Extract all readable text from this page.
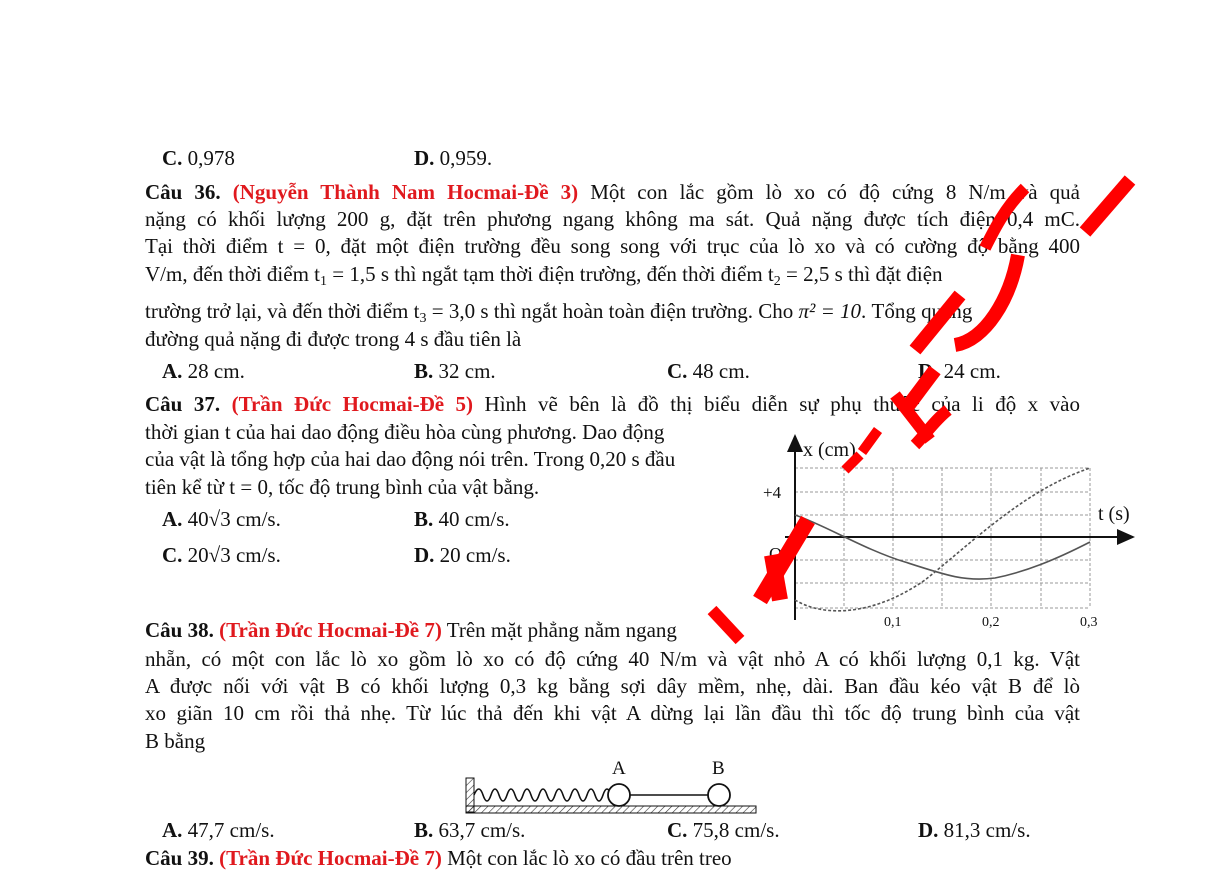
C. 0,978	D. 0,959.
Câu 36. (Nguyễn Thành Nam Hocmai-Đề 3) Một con lắc gồm lò xo có độ cứng 8 N/m và quả
nặng có khối lượng 200 g, đặt trên phương ngang không ma sát. Quả nặng được tích điện 0,4 mC.
Tại thời điểm t = 0, đặt một điện trường đều song song với trục của lò xo và có cường độ bằng 400
V/m, đến thời điểm $t_1 = 1,5$ s thì ngắt tạm thời điện trường, đến thời điểm $t_2 = 2,5$ s thì đặt điện
trường trở lại, và đến thời điểm $t_3 = 3,0$ s thì ngắt hoàn toàn điện trường. Cho π² = 10. Tổng quãng
đường quả nặng đi được trong 4 s đầu tiên là
A. 28 cm.	B. 32 cm.	C. 48 cm.	D. 24 cm.
Câu 37. (Trần Đức Hocmai-Đề 5) Hình vẽ bên là đồ thị biểu diễn sự phụ thuộc của li độ x vào
thời gian t của hai dao động điều hòa cùng phương. Dao động
của vật là tổng hợp của hai dao động nói trên. Trong 0,20 s đầu
tiên kể từ t = 0, tốc độ trung bình của vật bằng.
A. 40√3 cm/s.	B. 40 cm/s.
C. 20√3 cm/s.	D. 20 cm/s.
x (cm)
t (s)
O
+4
−4
0,1	0,2	0,3
Câu 38. (Trần Đức Hocmai-Đề 7) Trên mặt phẳng nằm ngang
nhẵn, có một con lắc lò xo gồm lò xo có độ cứng 40 N/m và vật nhỏ A có khối lượng 0,1 kg. Vật
A được nối với vật B có khối lượng 0,3 kg bằng sợi dây mềm, nhẹ, dài. Ban đầu kéo vật B để lò
xo giãn 10 cm rồi thả nhẹ. Từ lúc thả đến khi vật A dừng lại lần đầu thì tốc độ trung bình của vật
B bằng
A	B
A. 47,7 cm/s.	B. 63,7 cm/s.	C. 75,8 cm/s.	D. 81,3 cm/s.
Câu 39. (Trần Đức Hocmai-Đề 7) Một con lắc lò xo có đầu trên treo
